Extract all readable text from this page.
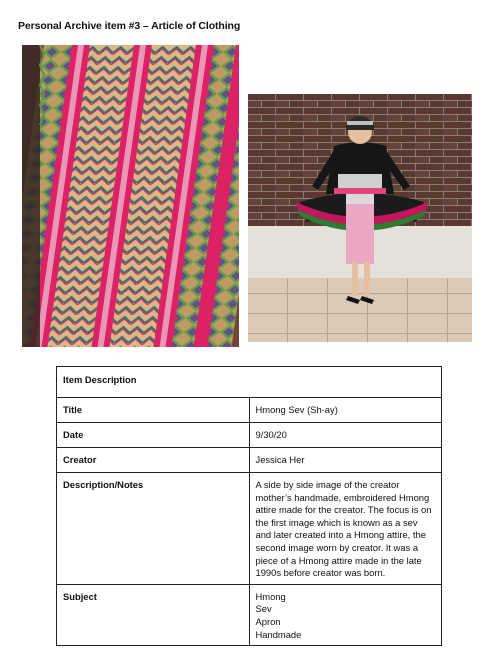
Personal Archive item #3 – Article of Clothing
Item Description	
Title	Hmong Sev (Sh-ay)
Date	9/30/20
Creator	Jessica Her
Description/Notes	A side by side image of the creator mother’s handmade, embroidered Hmong attire made for the creator. The focus is on the first image which is known as a sev and later created into a Hmong attire, the second image worn by creator. It was a piece of a Hmong attire made in the late 1990s before creator was born.
Subject	Hmong
Sev
Apron
Handmade
